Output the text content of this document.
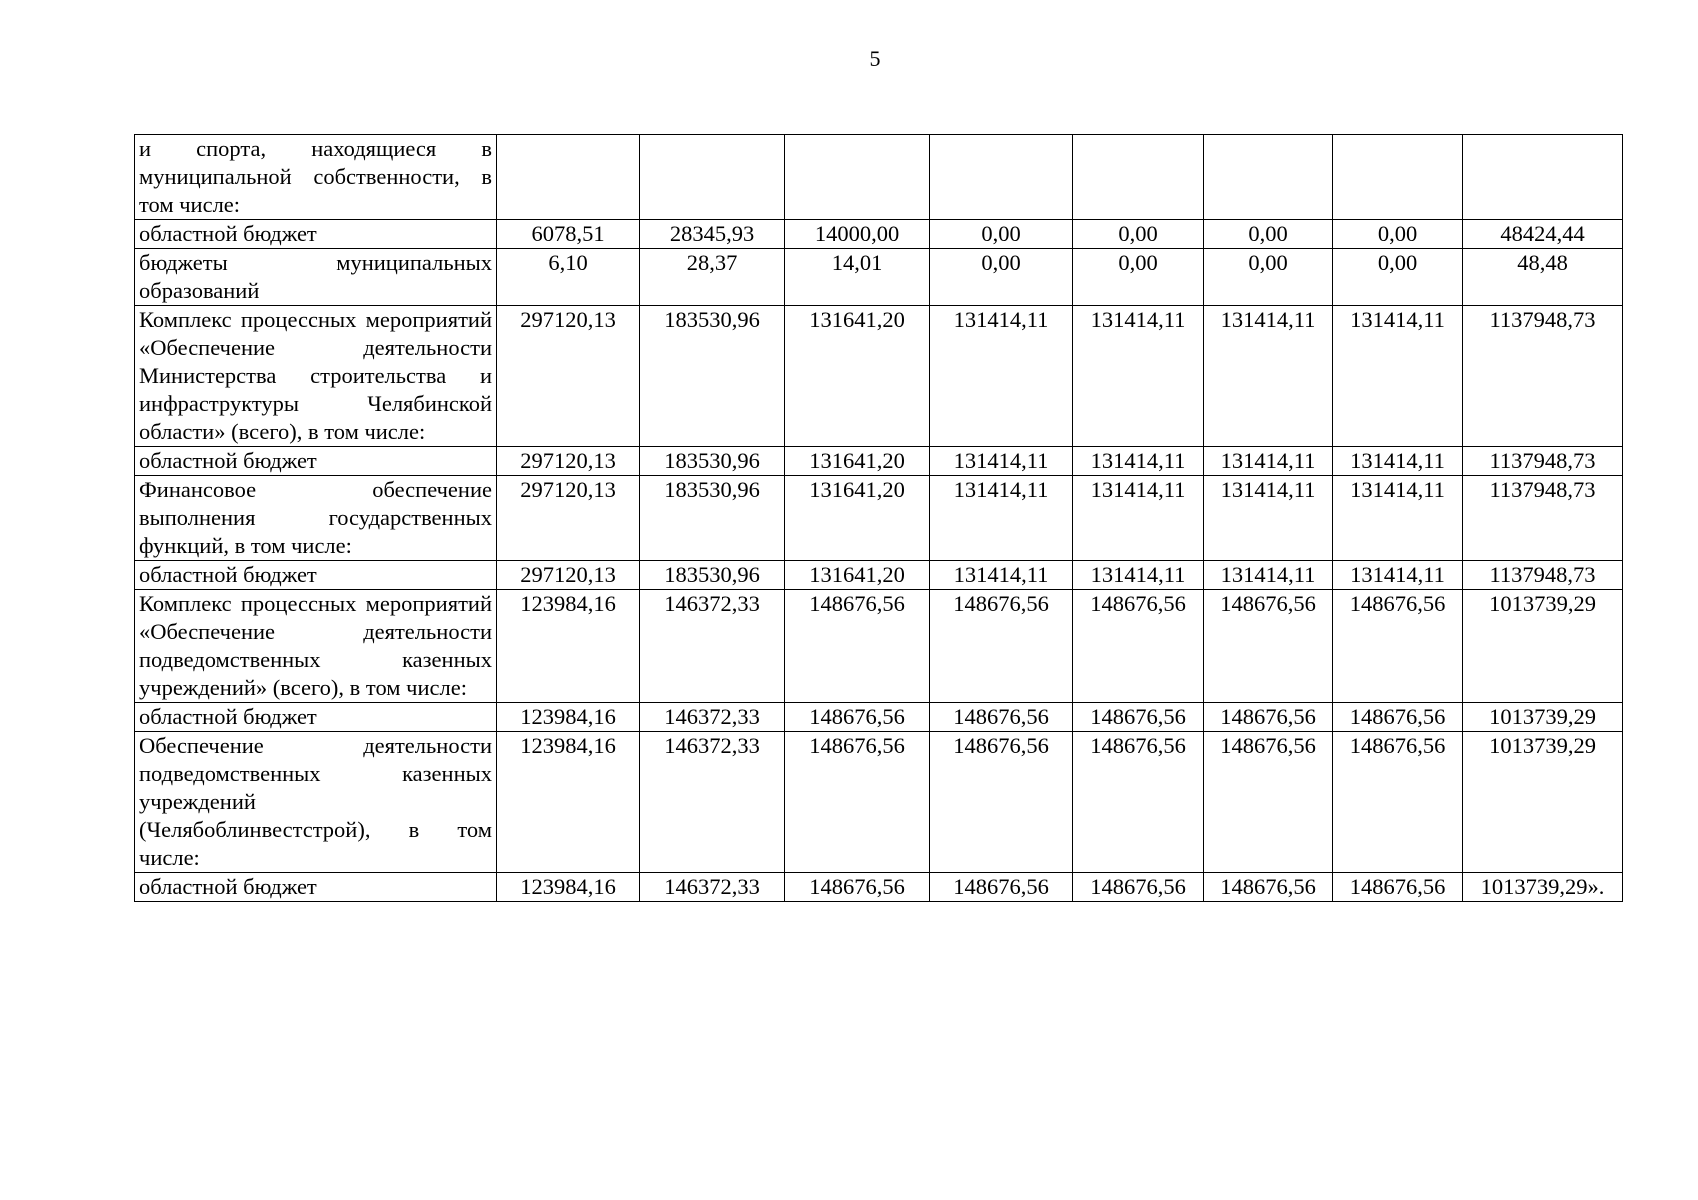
5
и спорта, находящиеся в муниципальной собственности, в том числе:								
областной бюджет	6078,51	28345,93	14000,00	0,00	0,00	0,00	0,00	48424,44
бюджеты муниципальных образований	6,10	28,37	14,01	0,00	0,00	0,00	0,00	48,48
Комплекс процессных мероприятий «Обеспечение деятельности Министерства строительства и инфраструктуры Челябинской области» (всего), в том числе:	297120,13	183530,96	131641,20	131414,11	131414,11	131414,11	131414,11	1137948,73
областной бюджет	297120,13	183530,96	131641,20	131414,11	131414,11	131414,11	131414,11	1137948,73
Финансовое обеспечение выполнения государственных функций, в том числе:	297120,13	183530,96	131641,20	131414,11	131414,11	131414,11	131414,11	1137948,73
областной бюджет	297120,13	183530,96	131641,20	131414,11	131414,11	131414,11	131414,11	1137948,73
Комплекс процессных мероприятий «Обеспечение деятельности подведомственных казенных учреждений» (всего), в том числе:	123984,16	146372,33	148676,56	148676,56	148676,56	148676,56	148676,56	1013739,29
областной бюджет	123984,16	146372,33	148676,56	148676,56	148676,56	148676,56	148676,56	1013739,29
Обеспечение деятельности подведомственных казенных учреждений (Челябоблинвестстрой), в том числе:	123984,16	146372,33	148676,56	148676,56	148676,56	148676,56	148676,56	1013739,29
областной бюджет	123984,16	146372,33	148676,56	148676,56	148676,56	148676,56	148676,56	1013739,29».
